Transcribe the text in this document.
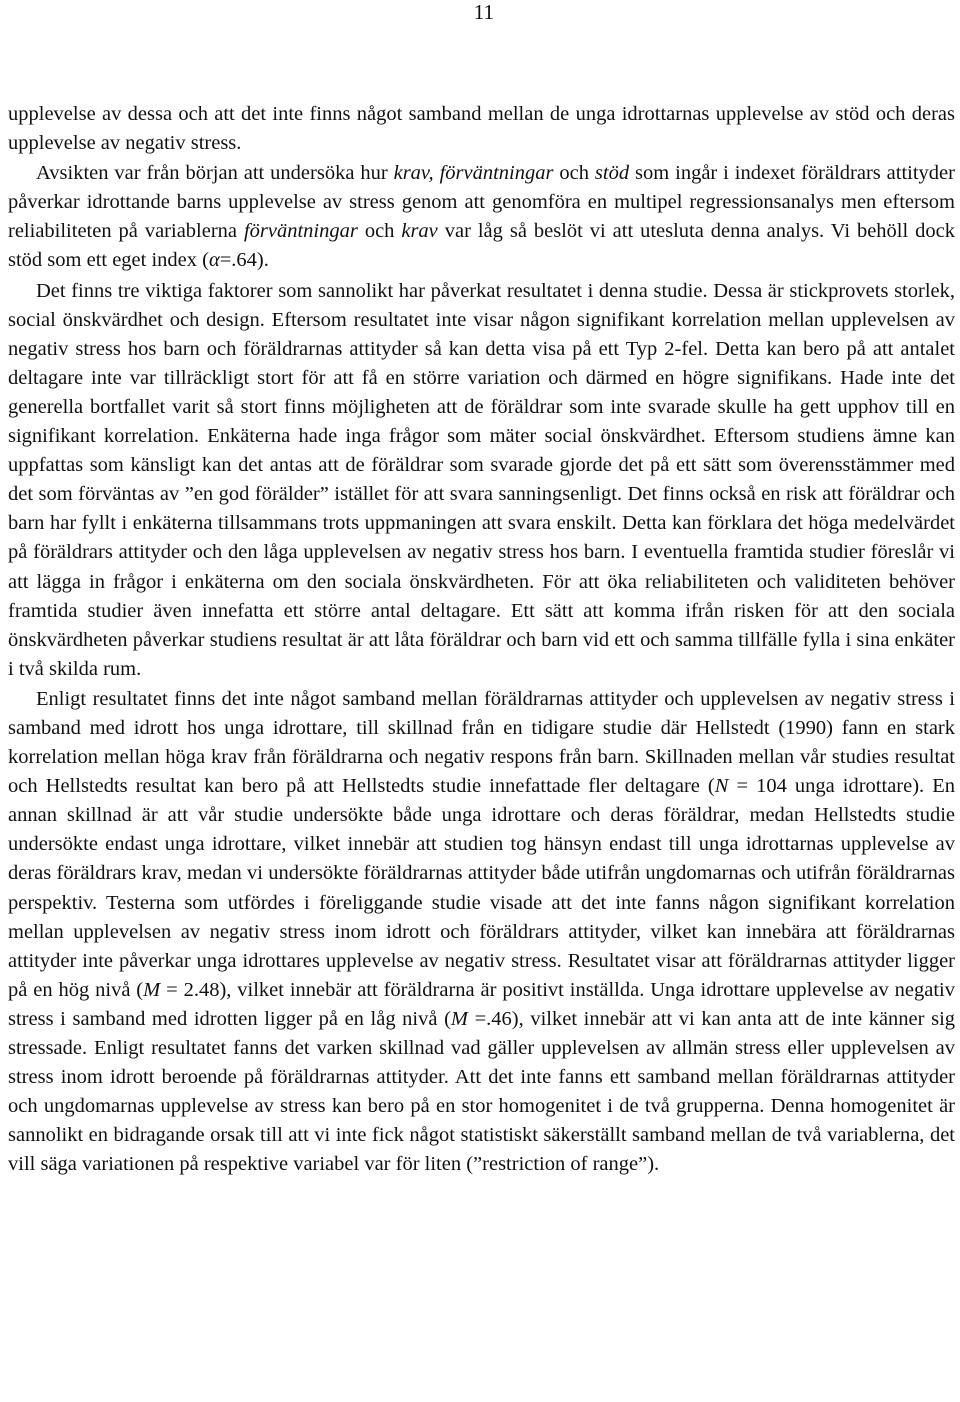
11

upplevelse av dessa och att det inte finns något samband mellan de unga idrottarnas upplevelse av stöd och deras upplevelse av negativ stress.

Avsikten var från början att undersöka hur krav, förväntningar och stöd som ingår i indexet föräldrars attityder påverkar idrottande barns upplevelse av stress genom att genomföra en multipel regressionsanalys men eftersom reliabiliteten på variablerna förväntningar och krav var låg så beslöt vi att utesluta denna analys. Vi behöll dock stöd som ett eget index (α=.64).

Det finns tre viktiga faktorer som sannolikt har påverkat resultatet i denna studie. Dessa är stickprovets storlek, social önskvärdhet och design. Eftersom resultatet inte visar någon signifikant korrelation mellan upplevelsen av negativ stress hos barn och föräldrarnas attityder så kan detta visa på ett Typ 2-fel. Detta kan bero på att antalet deltagare inte var tillräckligt stort för att få en större variation och därmed en högre signifikans. Hade inte det generella bortfallet varit så stort finns möjligheten att de föräldrar som inte svarade skulle ha gett upphov till en signifikant korrelation. Enkäterna hade inga frågor som mäter social önskvärdhet. Eftersom studiens ämne kan uppfattas som känsligt kan det antas att de föräldrar som svarade gjorde det på ett sätt som överensstämmer med det som förväntas av ”en god förälder” istället för att svara sanningsenligt. Det finns också en risk att föräldrar och barn har fyllt i enkäterna tillsammans trots uppmaningen att svara enskilt. Detta kan förklara det höga medelvärdet på föräldrars attityder och den låga upplevelsen av negativ stress hos barn. I eventuella framtida studier föreslår vi att lägga in frågor i enkäterna om den sociala önskvärdheten. För att öka reliabiliteten och validiteten behöver framtida studier även innefatta ett större antal deltagare. Ett sätt att komma ifrån risken för att den sociala önskvärdheten påverkar studiens resultat är att låta föräldrar och barn vid ett och samma tillfälle fylla i sina enkäter i två skilda rum.

Enligt resultatet finns det inte något samband mellan föräldrarnas attityder och upplevelsen av negativ stress i samband med idrott hos unga idrottare, till skillnad från en tidigare studie där Hellstedt (1990) fann en stark korrelation mellan höga krav från föräldrarna och negativ respons från barn. Skillnaden mellan vår studies resultat och Hellstedts resultat kan bero på att Hellstedts studie innefattade fler deltagare (N = 104 unga idrottare). En annan skillnad är att vår studie undersökte både unga idrottare och deras föräldrar, medan Hellstedts studie undersökte endast unga idrottare, vilket innebär att studien tog hänsyn endast till unga idrottarnas upplevelse av deras föräldrars krav, medan vi undersökte föräldrarnas attityder både utifrån ungdomarnas och utifrån föräldrarnas perspektiv. Testerna som utfördes i föreliggande studie visade att det inte fanns någon signifikant korrelation mellan upplevelsen av negativ stress inom idrott och föräldrars attityder, vilket kan innebära att föräldrarnas attityder inte påverkar unga idrottares upplevelse av negativ stress. Resultatet visar att föräldrarnas attityder ligger på en hög nivå (M = 2.48), vilket innebär att föräldrarna är positivt inställda. Unga idrottare upplevelse av negativ stress i samband med idrotten ligger på en låg nivå (M =.46), vilket innebär att vi kan anta att de inte känner sig stressade. Enligt resultatet fanns det varken skillnad vad gäller upplevelsen av allmän stress eller upplevelsen av stress inom idrott beroende på föräldrarnas attityder. Att det inte fanns ett samband mellan föräldrarnas attityder och ungdomarnas upplevelse av stress kan bero på en stor homogenitet i de två grupperna. Denna homogenitet är sannolikt en bidragande orsak till att vi inte fick något statistiskt säkerställt samband mellan de två variablerna, det vill säga variationen på respektive variabel var för liten (”restriction of range”).
